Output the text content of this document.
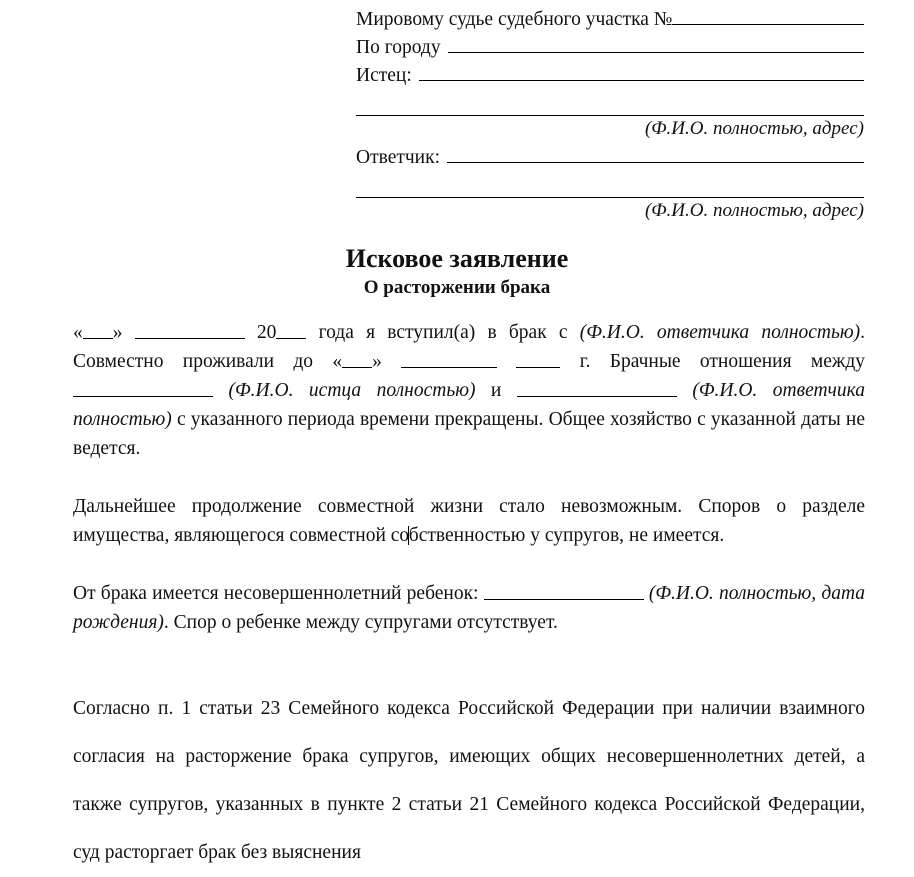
Мировому судье судебного участка №
По городу
Истец:
(Ф.И.О. полностью, адрес)
Ответчик:
(Ф.И.О. полностью, адрес)
Исковое заявление
О расторжении брака

« »	20 года я вступил(а) в брак с (Ф.И.О. ответчика полностью). Совместно проживали до « »	г. Брачные отношения между (Ф.И.О. истца полностью) и	(Ф.И.О. ответчика полностью) с указанного периода времени прекращены. Общее хозяйство с указанной даты не ведется.

Дальнейшее продолжение совместной жизни стало невозможным. Споров о разделе имущества, являющегося совместной собственностью у супругов, не имеется.

От брака имеется несовершеннолетний ребенок:	(Ф.И.О. полностью, дата рождения). Спор о ребенке между супругами отсутствует.

Согласно п. 1 статьи 23 Семейного кодекса Российской Федерации при наличии взаимного согласия на расторжение брака супругов, имеющих общих несовершеннолетних детей, а также супругов, указанных в пункте 2 статьи 21 Семейного кодекса Российской Федерации, суд расторгает брак без выяснения
